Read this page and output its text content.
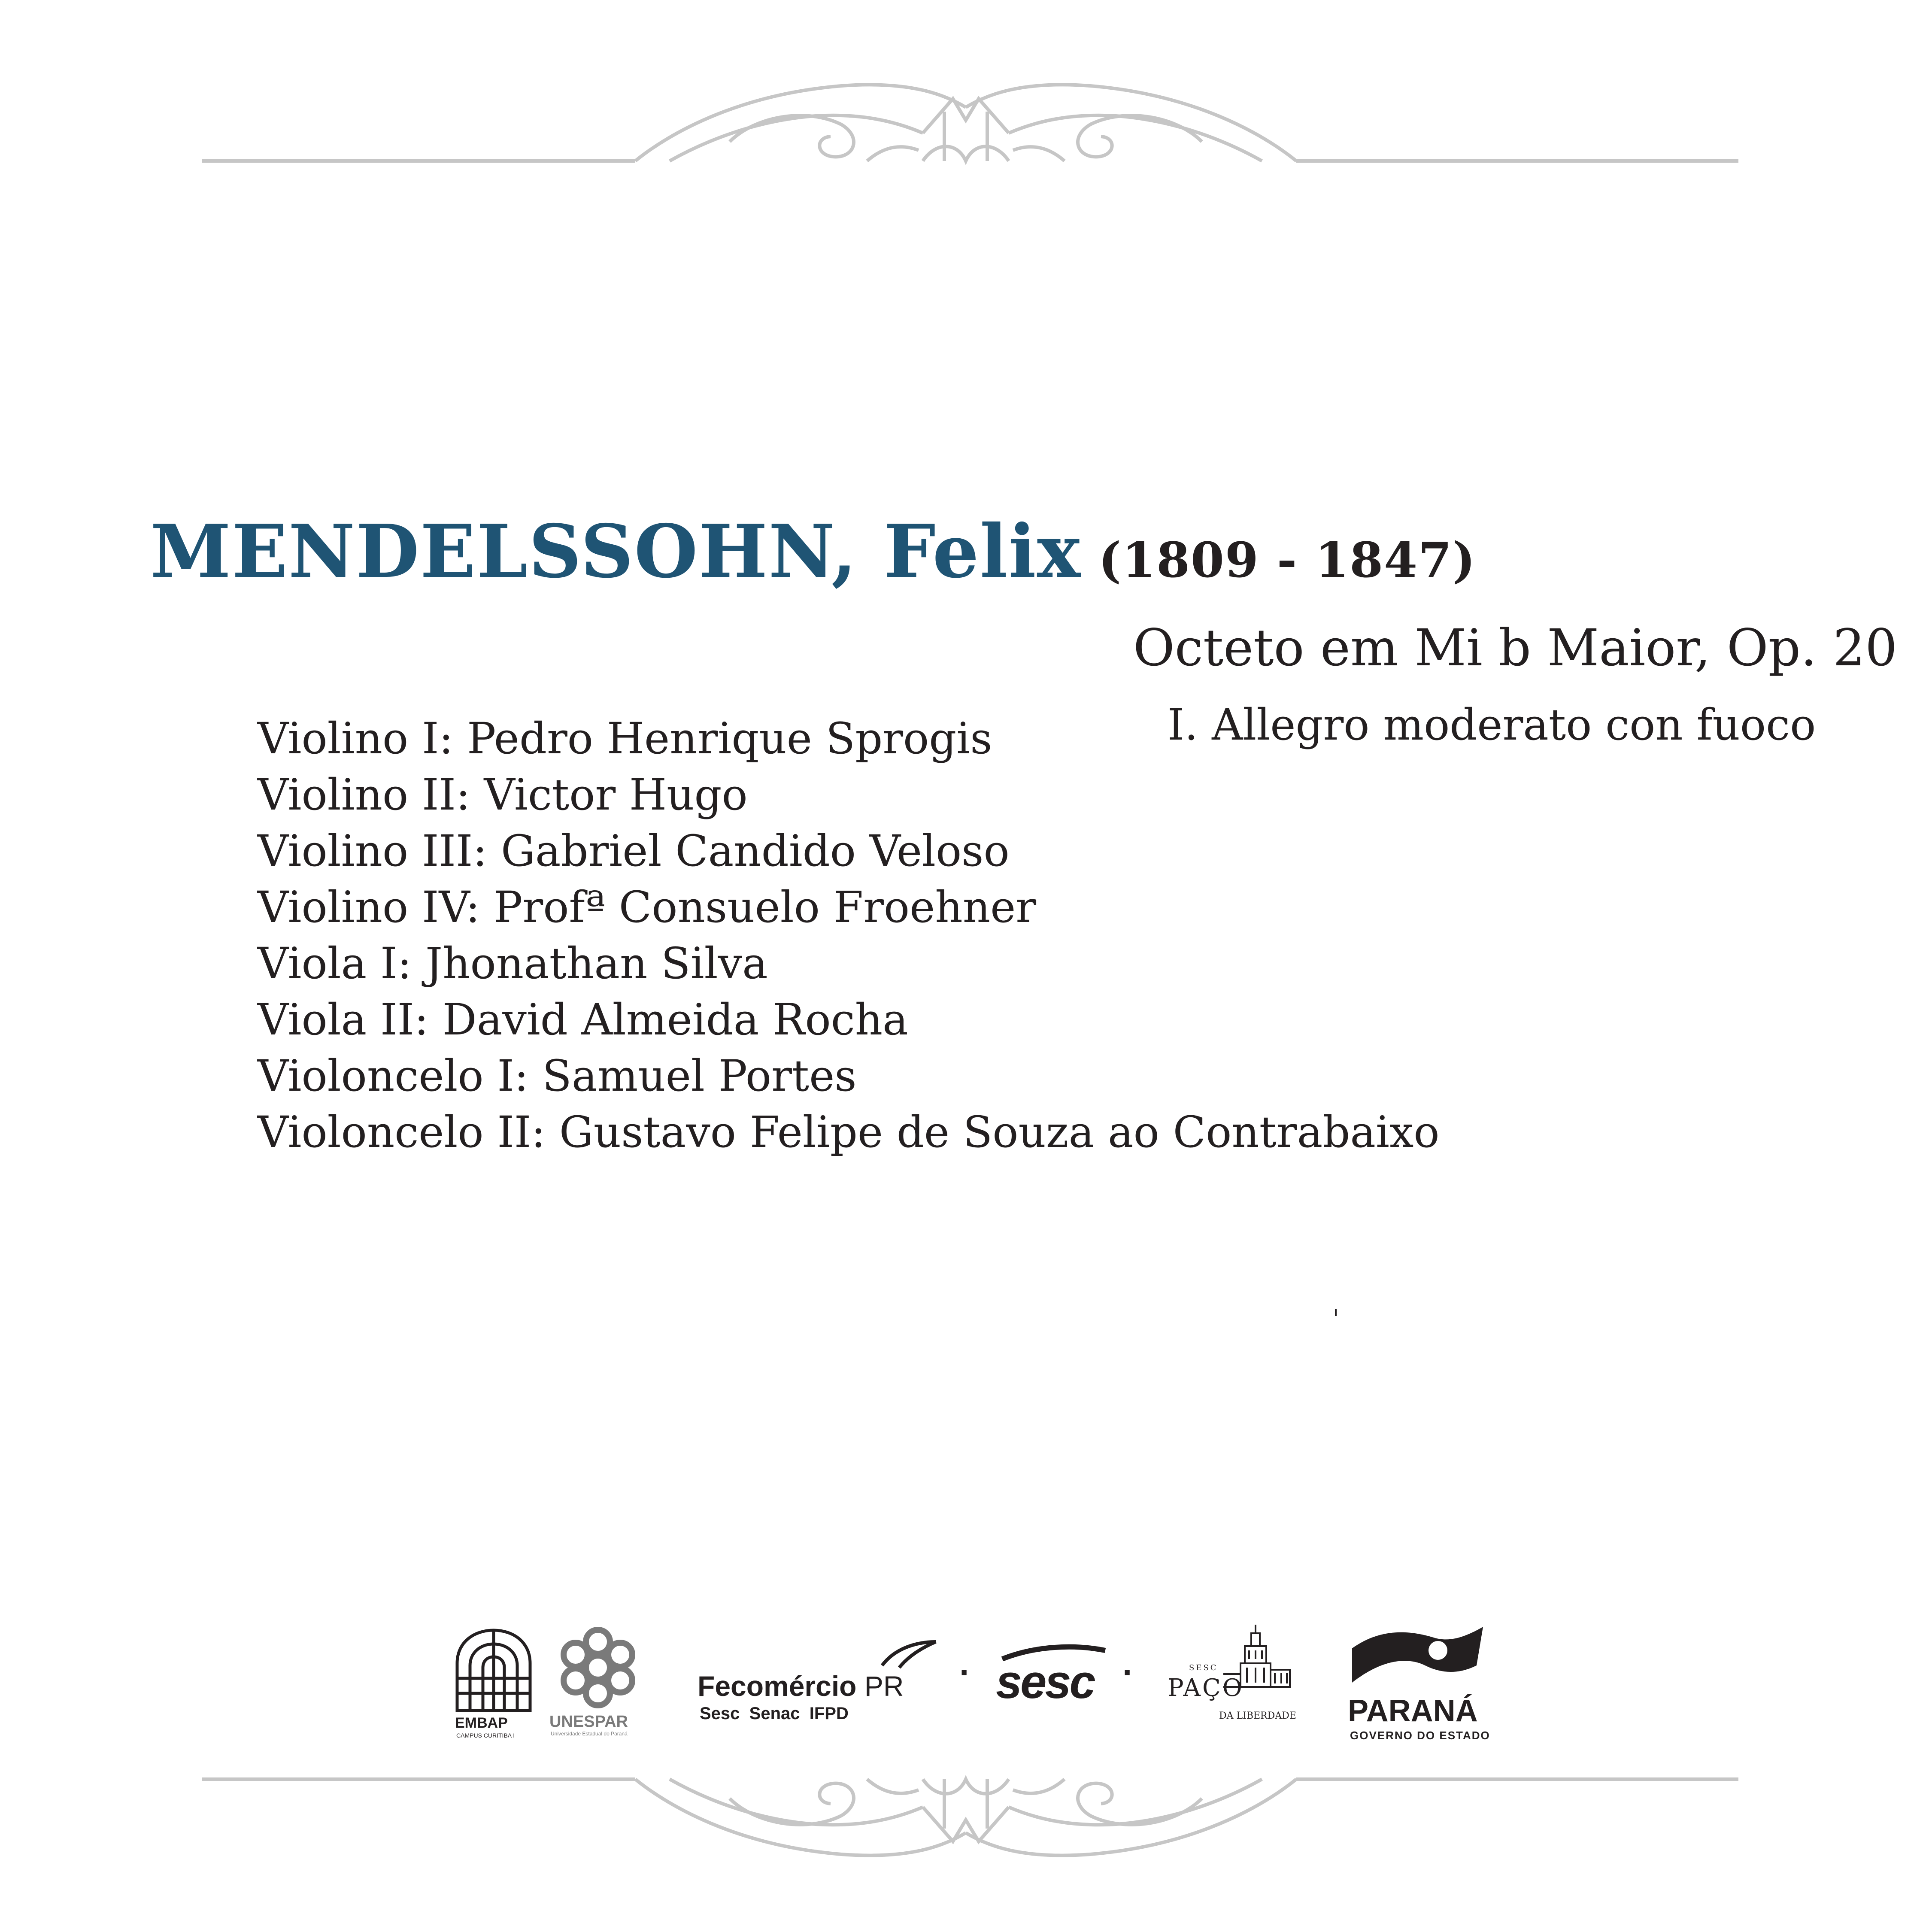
MENDELSSOHN, Felix (1809 - 1847)
Octeto em Mi b Maior, Op. 20
I. Allegro moderato con fuoco
Violino I: Pedro Henrique Sprogis
Violino II: Victor Hugo
Violino III: Gabriel Candido Veloso
Violino IV: Profª Consuelo Froehner
Viola I: Jhonathan Silva
Viola II: David Almeida Rocha
Violoncelo I: Samuel Portes
Violoncelo II: Gustavo Felipe de Souza ao Contrabaixo
EMBAP
CAMPUS CURITIBA I
UNESPAR
Universidade Estadual do Paraná
Fecomércio PR
Sesc  Senac  IFPD
· sesc ·	SESC
PAÇO
DA LIBERDADE PARANÁ
GOVERNO DO ESTADO
